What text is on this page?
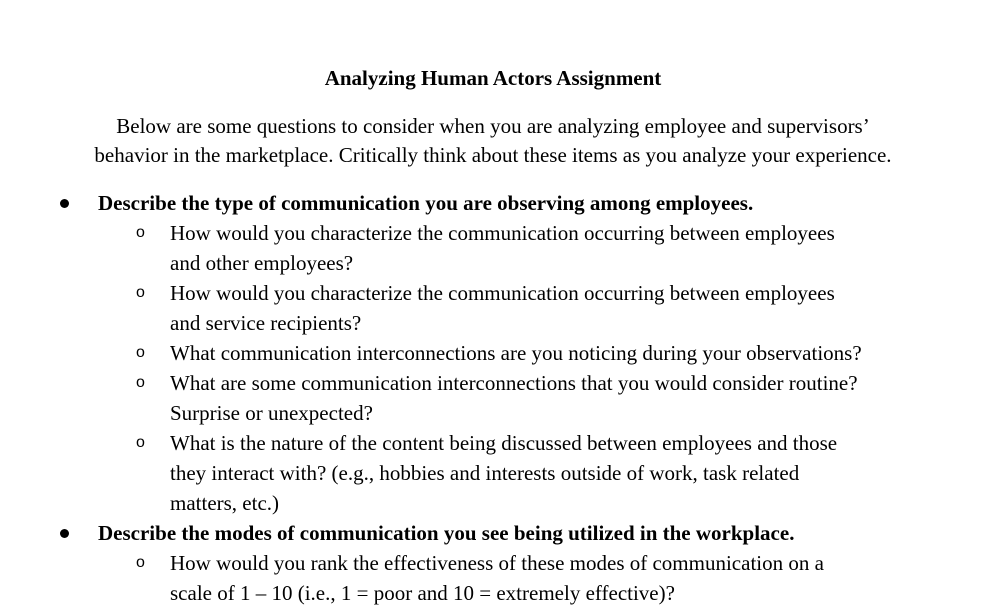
Analyzing Human Actors Assignment
Below are some questions to consider when you are analyzing employee and supervisors’
behavior in the marketplace. Critically think about these items as you analyze your experience.
Describe the type of communication you are observing among employees.
o How would you characterize the communication occurring between employees
and other employees?
o How would you characterize the communication occurring between employees
and service recipients?
o What communication interconnections are you noticing during your observations?
o What are some communication interconnections that you would consider routine?
Surprise or unexpected?
o What is the nature of the content being discussed between employees and those
they interact with? (e.g., hobbies and interests outside of work, task related
matters, etc.)
Describe the modes of communication you see being utilized in the workplace.
o How would you rank the effectiveness of these modes of communication on a
scale of 1 – 10 (i.e., 1 = poor and 10 = extremely effective)?
